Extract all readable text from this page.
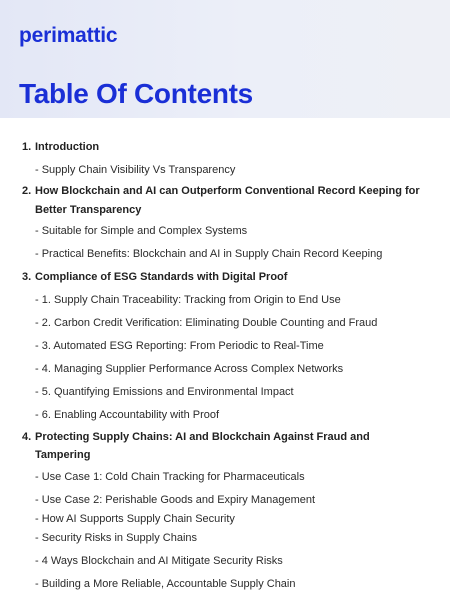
perimattic
Table Of Contents
1. Introduction
- Supply Chain Visibility Vs Transparency
2. How Blockchain and AI can Outperform Conventional Record Keeping for
Better Transparency
- Suitable for Simple and Complex Systems
- Practical Benefits: Blockchain and AI in Supply Chain Record Keeping
3. Compliance of ESG Standards with Digital Proof
- 1. Supply Chain Traceability: Tracking from Origin to End Use
- 2. Carbon Credit Verification: Eliminating Double Counting and Fraud
- 3. Automated ESG Reporting: From Periodic to Real-Time
- 4. Managing Supplier Performance Across Complex Networks
- 5. Quantifying Emissions and Environmental Impact
- 6. Enabling Accountability with Proof
4. Protecting Supply Chains: AI and Blockchain Against Fraud and
Tampering
- Use Case 1: Cold Chain Tracking for Pharmaceuticals
- Use Case 2: Perishable Goods and Expiry Management
- How AI Supports Supply Chain Security
- Security Risks in Supply Chains
- 4 Ways Blockchain and AI Mitigate Security Risks
- Building a More Reliable, Accountable Supply Chain
